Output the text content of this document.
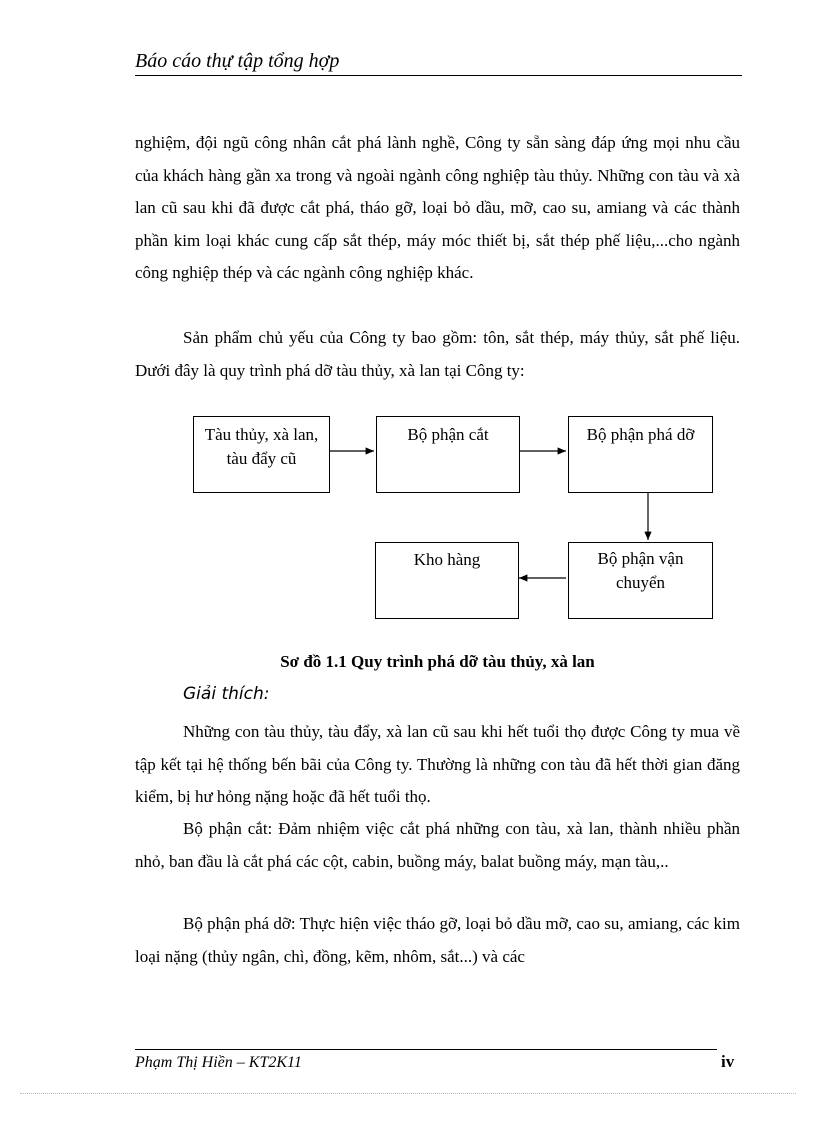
Báo cáo thự tập tổng hợp

nghiệm, đội ngũ công nhân cắt phá lành nghề, Công ty sẵn sàng đáp ứng mọi nhu cầu của khách hàng gần xa trong và ngoài ngành công nghiệp tàu thủy. Những con tàu và xà lan cũ sau khi đã được cắt phá, tháo gỡ, loại bỏ dầu, mỡ, cao su, amiang và các thành phần kim loại khác cung cấp sắt thép, máy móc thiết bị, sắt thép phế liệu,...cho ngành công nghiệp thép và các ngành công nghiệp khác.

Sản phẩm chủ yếu của Công ty bao gồm: tôn, sắt thép, máy thủy, sắt phế liệu. Dưới đây là quy trình phá dỡ tàu thủy, xà lan tại Công ty:

Tàu thủy, xà lan, tàu đẩy cũ
Bộ phận cắt	Bộ phận phá dỡ
Bộ phận vận chuyển
Kho hàng
Sơ đồ 1.1 Quy trình phá dỡ tàu thủy, xà lan
Giải thích:

Những con tàu thủy, tàu đẩy, xà lan cũ sau khi hết tuổi thọ được Công ty mua về tập kết tại hệ thống bến bãi của Công ty. Thường là những con tàu đã hết thời gian đăng kiểm, bị hư hỏng nặng hoặc đã hết tuổi thọ.

Bộ phận cắt: Đảm nhiệm việc cắt phá những con tàu, xà lan, thành nhiều phần nhỏ, ban đầu là cắt phá các cột, cabin, buồng máy, balat buồng máy, mạn tàu,..

Bộ phận phá dỡ: Thực hiện việc tháo gỡ, loại bỏ dầu mỡ, cao su, amiang, các kim loại nặng (thủy ngân, chì, đồng, kẽm, nhôm, sắt...) và các

Phạm Thị Hiền – KT2K11	iv
